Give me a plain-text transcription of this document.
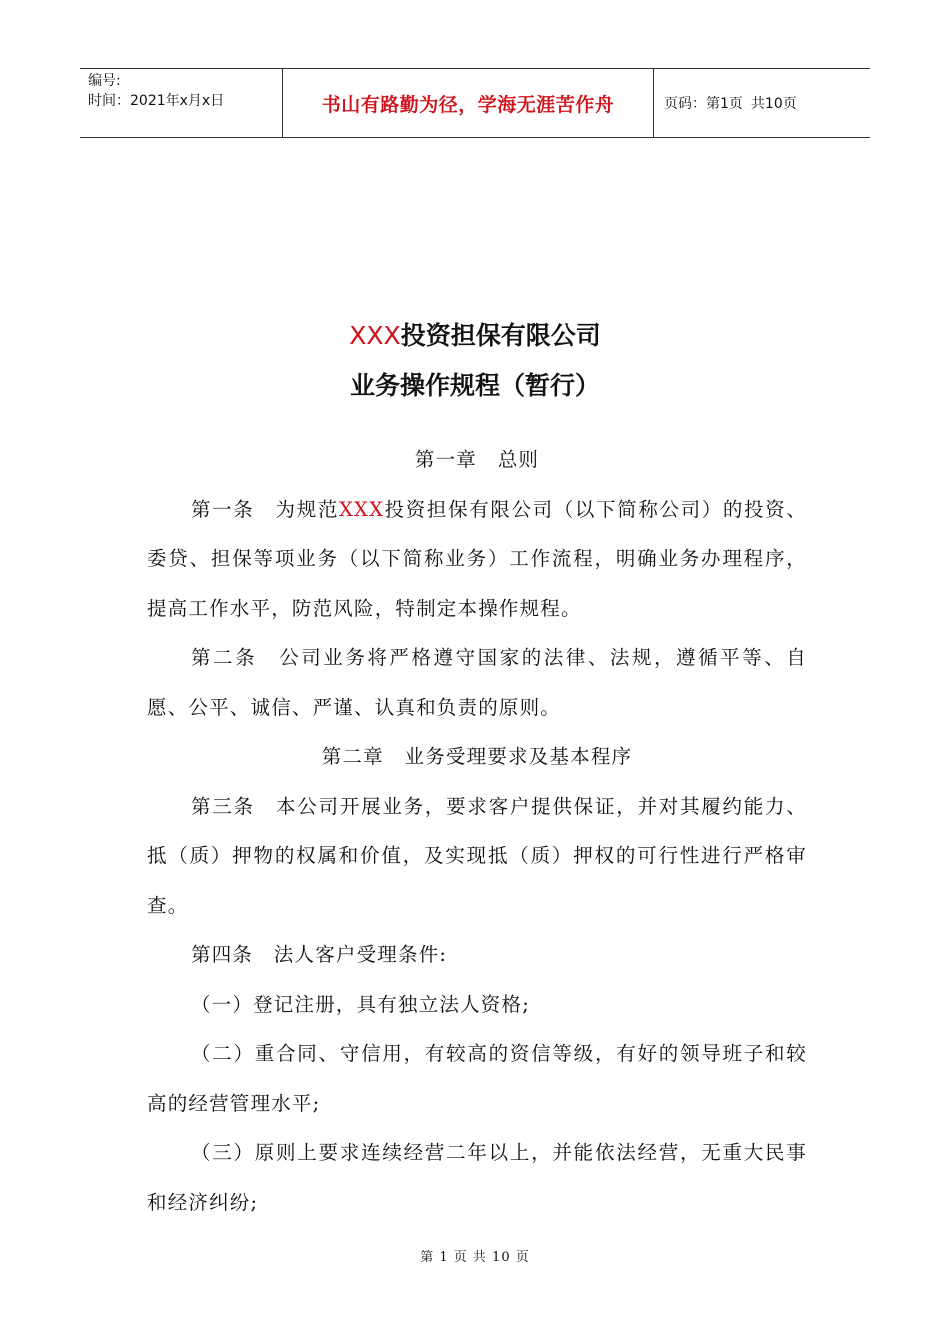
编号:
时间：2021年x月x日	书山有路勤为径，学海无涯苦作舟	页码：第1页 共10页
XXX投资担保有限公司
业务操作规程（暂行）

第一章　总则

第一条　为规范XXX投资担保有限公司（以下简称公司）的投资、委贷、担保等项业务（以下简称业务）工作流程，明确业务办理程序，提高工作水平，防范风险，特制定本操作规程。

第二条　公司业务将严格遵守国家的法律、法规，遵循平等、自愿、公平、诚信、严谨、认真和负责的原则。

第二章　业务受理要求及基本程序

第三条　本公司开展业务，要求客户提供保证，并对其履约能力、抵（质）押物的权属和价值，及实现抵（质）押权的可行性进行严格审查。

第四条　法人客户受理条件:

（一）登记注册，具有独立法人资格;

（二）重合同、守信用，有较高的资信等级，有好的领导班子和较高的经营管理水平;

（三）原则上要求连续经营二年以上，并能依法经营，无重大民事和经济纠纷;

第 1 页 共 10 页
